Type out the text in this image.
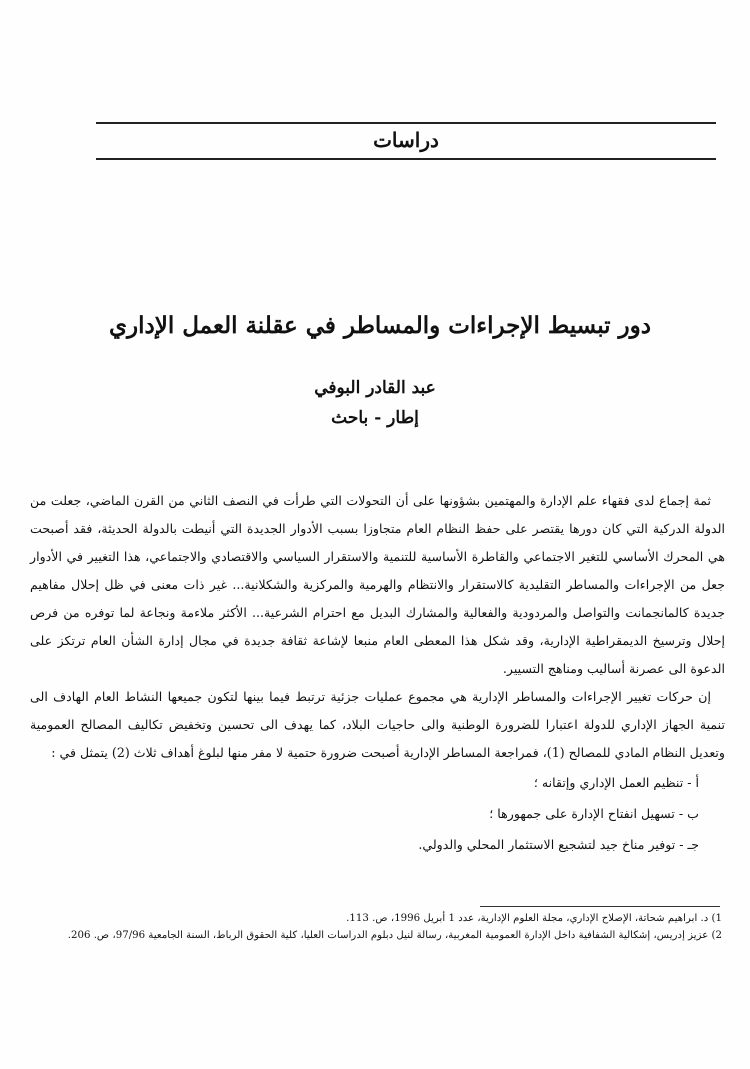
دراسات
دور تبسيط الإجراءات والمساطر في عقلنة العمل الإداري
عبد القادر البوفي
إطار - باحث

ثمة إجماع لدى فقهاء علم الإدارة والمهتمين بشؤونها على أن التحولات التي طرأت في النصف الثاني من القرن الماضي، جعلت من الدولة الدركية التي كان دورها يقتصر على حفظ النظام العام متجاوزا بسبب الأدوار الجديدة التي أنيطت بالدولة الحديثة، فقد أصبحت هي المحرك الأساسي للتغير الاجتماعي والقاطرة الأساسية للتنمية والاستقرار السياسي والاقتصادي والاجتماعي، هذا التغيير في الأدوار جعل من الإجراءات والمساطر التقليدية كالاستقرار والانتظام والهرمية والمركزية والشكلانية... غير ذات معنى في ظل إحلال مفاهيم جديدة كالمانجمانت والتواصل والمردودية والفعالية والمشارك البديل مع احترام الشرعية... الأكثر ملاءمة ونجاعة لما توفره من فرص إحلال وترسيخ الديمقراطية الإدارية، وقد شكل هذا المعطى العام منبعا لإشاعة ثقافة جديدة في مجال إدارة الشأن العام ترتكز على الدعوة الى عصرنة أساليب ومناهج التسيير.

إن حركات تغيير الإجراءات والمساطر الإدارية هي مجموع عمليات جزئية ترتبط فيما بينها لتكون جميعها النشاط العام الهادف الى تنمية الجهاز الإداري للدولة اعتبارا للضرورة الوطنية والى حاجيات البلاد، كما يهدف الى تحسين وتخفيض تكاليف المصالح العمومية وتعديل النظام المادي للمصالح (1)، فمراجعة المساطر الإدارية أصبحت ضرورة حتمية لا مفر منها لبلوغ أهداف ثلاث (2) يتمثل في :

أ - تنظيم العمل الإداري وإتقانه ؛
ب - تسهيل انفتاح الإدارة على جمهورها ؛
جـ - توفير مناخ جيد لتشجيع الاستثمار المحلي والدولي.

1) د. ابراهيم شحاتة، الإصلاح الإداري، مجلة العلوم الإدارية، عدد 1 أبريل 1996، ص. 113.

2) عزيز إدريس، إشكالية الشفافية داخل الإدارة العمومية المغربية، رسالة لنيل دبلوم الدراسات العليا، كلية الحقوق الرباط، السنة الجامعية 97/96، ص. 206.
